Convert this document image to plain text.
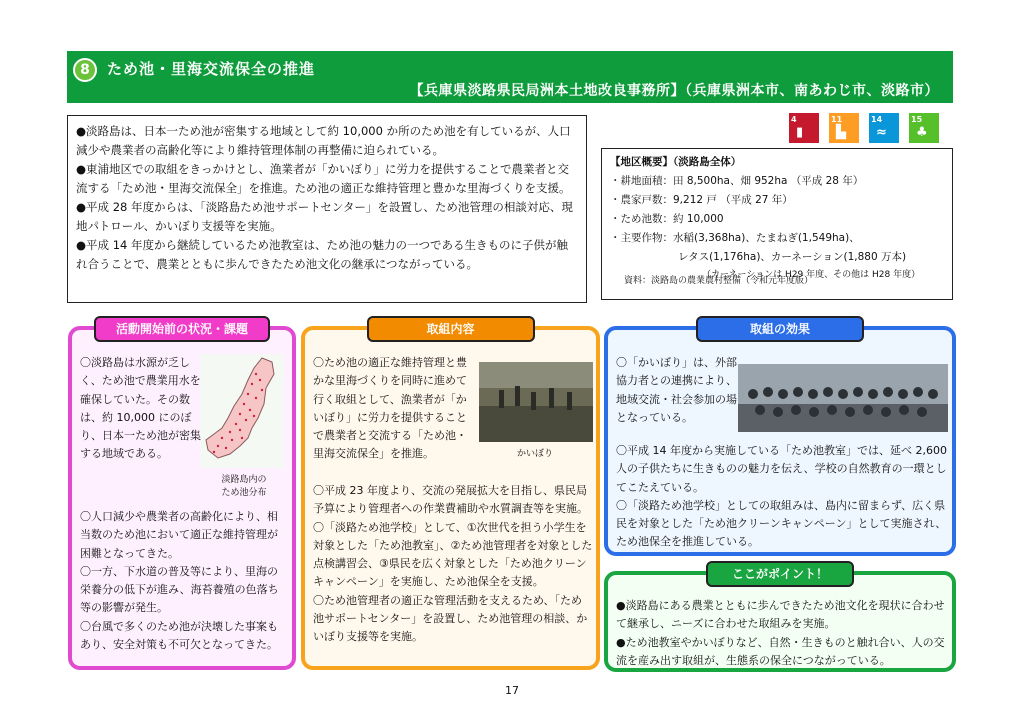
8	ため池・里海交流保全の推進
【兵庫県淡路県民局洲本土地改良事務所】（兵庫県洲本市、南あわじ市、淡路市）

●淡路島は、日本一ため池が密集する地域として約 10,000 か所のため池を有しているが、人口減少や農業者の高齢化等により維持管理体制の再整備に迫られている。

●東浦地区での取組をきっかけとし、漁業者が「かいぼり」に労力を提供することで農業者と交流する「ため池・里海交流保全」を推進。ため池の適正な維持管理と豊かな里海づくりを支援。

●平成 28 年度からは、「淡路島ため池サポートセンター」を設置し、ため池管理の相談対応、現地パトロール、かいぼり支援等を実施。

●平成 14 年度から継続しているため池教室は、ため池の魅力の一つである生きものに子供が触れ合うことで、農業とともに歩んできたため池文化の継承につながっている。

4
▮
11
▙
14
≈
15
♣
【地区概要】（淡路島全体）
・耕地面積：田 8,500ha、畑 952ha （平成 28 年）
・農家戸数：9,212 戸 （平成 27 年）
・ため池数：約 10,000
・主要作物：水稲(3,368ha)、たまねぎ(1,549ha)、
レタス(1,176ha)、カーネーション(1,880 万本)
（カーネーションは H29 年度、その他は H28 年度）
資料：淡路島の農業農村整備（令和元年度版）
活動開始前の状況・課題
淡路島内の
ため池分布
〇淡路島は水源が乏しく、ため池で農業用水を確保していた。その数は、約 10,000 にのぼり、日本一ため池が密集する地域である。
〇人口減少や農業者の高齢化により、相当数のため池において適正な維持管理が困難となってきた。
〇一方、下水道の普及等により、里海の栄養分の低下が進み、海苔養殖の色落ち等の影響が発生。
〇台風で多くのため池が決壊した事案もあり、安全対策も不可欠となってきた。
取組内容
かいぼり
〇ため池の適正な維持管理と豊かな里海づくりを同時に進めて行く取組として、漁業者が「かいぼり」に労力を提供することで農業者と交流する「ため池・里海交流保全」を推進。
〇平成 23 年度より、交流の発展拡大を目指し、県民局予算により管理者への作業費補助や水質調査等を実施。
〇「淡路ため池学校」として、①次世代を担う小学生を対象とした「ため池教室」、②ため池管理者を対象とした点検講習会、③県民を広く対象とした「ため池クリーンキャンペーン」を実施し、ため池保全を支援。
〇ため池管理者の適正な管理活動を支えるため、「ため池サポートセンター」を設置し、ため池管理の相談、かいぼり支援等を実施。
取組の効果
〇「かいぼり」は、外部協力者との連携により、地域交流・社会参加の場となっている。
〇平成 14 年度から実施している「ため池教室」では、延べ 2,600 人の子供たちに生きものの魅力を伝え、学校の自然教育の一環としてこたえている。
〇「淡路ため池学校」としての取組みは、島内に留まらず、広く県民を対象とした「ため池クリーンキャンペーン」として実施され、ため池保全を推進している。
ここがポイント！
●淡路島にある農業とともに歩んできたため池文化を現状に合わせて継承し、ニーズに合わせた取組みを実施。
●ため池教室やかいぼりなど、自然・生きものと触れ合い、人の交流を産み出す取組が、生態系の保全につながっている。
17
